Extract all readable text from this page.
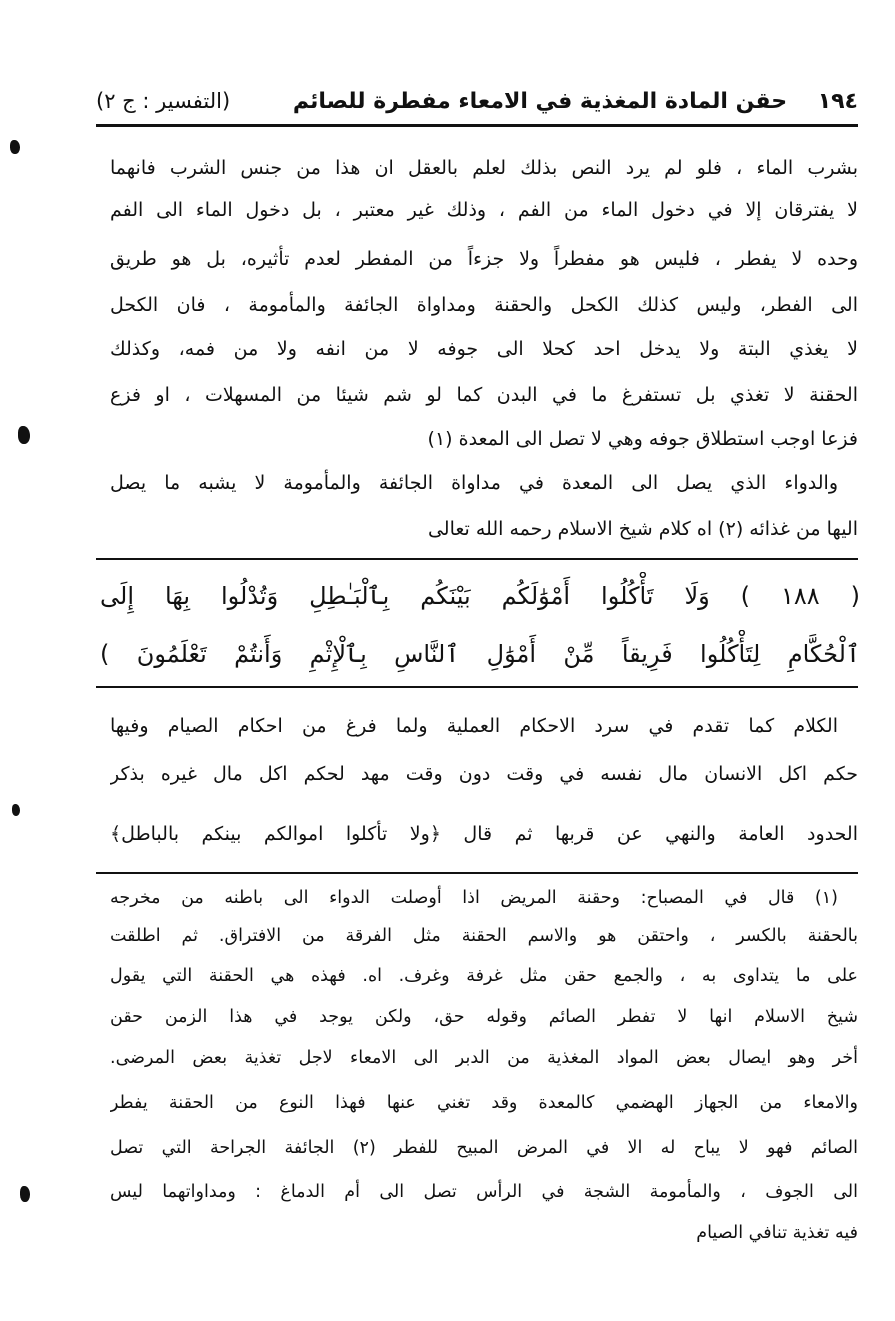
١٩٤    حقن المادة المغذية في الامعاء مفطرة للصائم
(التفسير : ج ٢)
بشرب الماء ، فلو لم يرد النص بذلك لعلم بالعقل ان هذا من جنس الشرب فانهما
لا يفترقان إلا في دخول الماء من الفم ، وذلك غير معتبر ، بل دخول الماء الى الفم
وحده لا يفطر ، فليس هو مفطراً ولا جزءاً من المفطر لعدم تأثيره، بل هو طريق
الى الفطر، وليس كذلك الكحل والحقنة ومداواة الجائفة والمأمومة ، فان الكحل
لا يغذي البتة ولا يدخل احد كحلا الى جوفه لا من انفه ولا من فمه، وكذلك
الحقنة لا تغذي بل تستفرغ ما في البدن كما لو شم شيئا من المسهلات ، او فزع
فزعا اوجب استطلاق جوفه وهي لا تصل الى المعدة (١)
والدواء الذي يصل الى المعدة في مداواة الجائفة والمأمومة لا يشبه ما يصل
اليها من غذائه (٢) اه كلام شيخ الاسلام رحمه الله تعالى
( ١٨٨ ) وَلَا تَأْكُلُوا أَمْوَٰلَكُم بَيْنَكُم بِٱلْبَـٰطِلِ وَتُدْلُوا بِهَا إِلَى
ٱلْحُكَّامِ لِتَأْكُلُوا فَرِيقاً مِّنْ أَمْوَٰلِ ٱلنَّاسِ بِٱلْإِثْمِ وَأَنتُمْ تَعْلَمُونَ )
الكلام كما تقدم في سرد الاحكام العملية ولما فرغ من احكام الصيام وفيها
حكم اكل الانسان مال نفسه في وقت دون وقت مهد لحكم اكل مال غيره بذكر
الحدود العامة والنهي عن قربها ثم قال ﴿ولا تأكلوا اموالكم بينكم بالباطل﴾
(١) قال في المصباح: وحقنة المريض اذا أوصلت الدواء الى باطنه من مخرجه
بالحقنة بالكسر ، واحتقن هو والاسم الحقنة مثل الفرقة من الافتراق. ثم اطلقت
على ما يتداوى به ، والجمع حقن مثل غرفة وغرف. اه. فهذه هي الحقنة التي يقول
شيخ الاسلام انها لا تفطر الصائم وقوله حق، ولكن يوجد في هذا الزمن حقن
أخر وهو ايصال بعض المواد المغذية من الدبر الى الامعاء لاجل تغذية بعض المرضى.
والامعاء من الجهاز الهضمي كالمعدة وقد تغني عنها فهذا النوع من الحقنة يفطر
الصائم فهو لا يباح له الا في المرض المبيح للفطر (٢) الجائفة الجراحة التي تصل
الى الجوف ، والمأمومة الشجة في الرأس تصل الى أم الدماغ : ومداواتهما ليس
فيه تغذية تنافي الصيام
